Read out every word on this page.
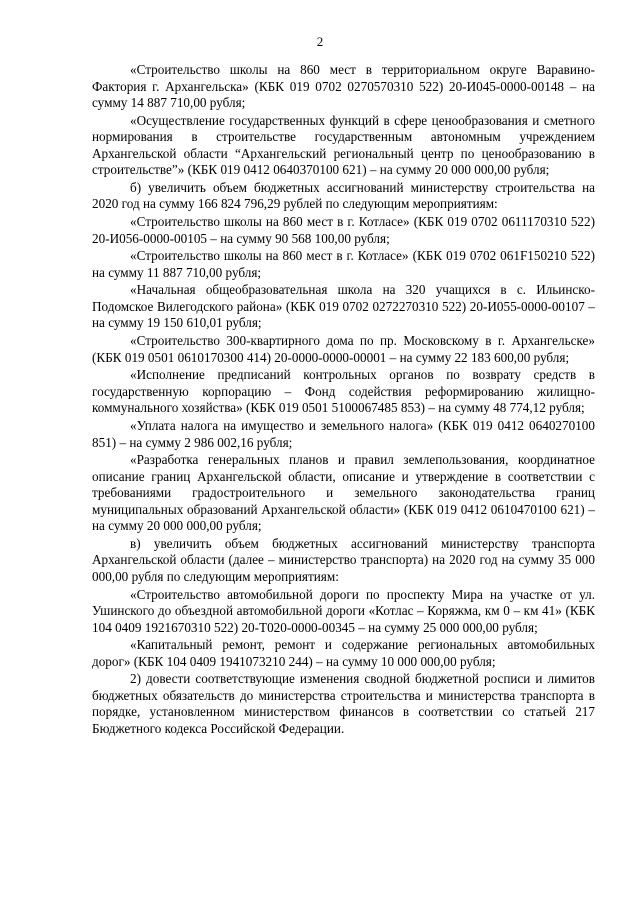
2

«Строительство школы на 860 мест в территориальном округе Варавино-Фактория г. Архангельска» (КБК 019 0702 0270570310 522) 20-И045-0000-00148 – на сумму 14 887 710,00 рубля;

«Осуществление государственных функций в сфере ценообразования и сметного нормирования в строительстве государственным автономным учреждением Архангельской области “Архангельский региональный центр по ценообразованию в строительстве”» (КБК 019 0412 0640370100 621) – на сумму 20 000 000,00 рубля;

б) увеличить объем бюджетных ассигнований министерству строительства на 2020 год на сумму 166 824 796,29 рублей по следующим мероприятиям:

«Строительство школы на 860 мест в г. Котласе» (КБК 019 0702 0611170310 522) 20-И056-0000-00105 – на сумму 90 568 100,00 рубля;

«Строительство школы на 860 мест в г. Котласе» (КБК 019 0702 061F150210 522) на сумму 11 887 710,00 рубля;

«Начальная общеобразовательная школа на 320 учащихся в с. Ильинско-Подомское Вилегодского района» (КБК 019 0702 0272270310 522) 20-И055-0000-00107 – на сумму 19 150 610,01 рубля;

«Строительство 300-квартирного дома по пр. Московскому в г. Архангельске» (КБК 019 0501 0610170300 414) 20-0000-0000-00001 – на сумму 22 183 600,00 рубля;

«Исполнение предписаний контрольных органов по возврату средств в государственную корпорацию – Фонд содействия реформированию жилищно-коммунального хозяйства» (КБК 019 0501 5100067485 853) – на сумму 48 774,12 рубля;

«Уплата налога на имущество и земельного налога» (КБК 019 0412 0640270100 851) – на сумму 2 986 002,16 рубля;

«Разработка генеральных планов и правил землепользования, координатное описание границ Архангельской области, описание и утверждение в соответствии с требованиями градостроительного и земельного законодательства границ муниципальных образований Архангельской области» (КБК 019 0412 0610470100 621) – на сумму 20 000 000,00 рубля;

в) увеличить объем бюджетных ассигнований министерству транспорта Архангельской области (далее – министерство транспорта) на 2020 год на сумму 35 000 000,00 рубля по следующим мероприятиям:

«Строительство автомобильной дороги по проспекту Мира на участке от ул. Ушинского до объездной автомобильной дороги «Котлас – Коряжма, км 0 – км 41» (КБК 104 0409 1921670310 522) 20-Т020-0000-00345 – на сумму 25 000 000,00 рубля;

«Капитальный ремонт, ремонт и содержание региональных автомобильных дорог» (КБК 104 0409 1941073210 244) – на сумму 10 000 000,00 рубля;

2) довести соответствующие изменения сводной бюджетной росписи и лимитов бюджетных обязательств до министерства строительства и министерства транспорта в порядке, установленном министерством финансов в соответствии со статьей 217 Бюджетного кодекса Российской Федерации.
